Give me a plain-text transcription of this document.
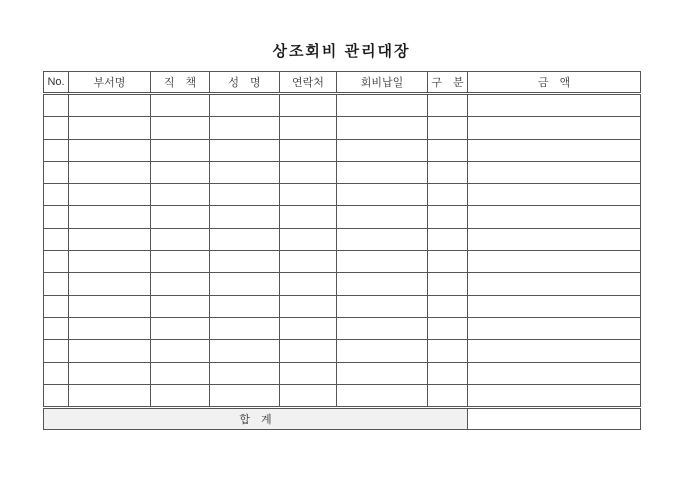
상조회비 관리대장
No.	부서명	직　책	성　명	연락처	회비납일	구　분	금　액

합　계							
